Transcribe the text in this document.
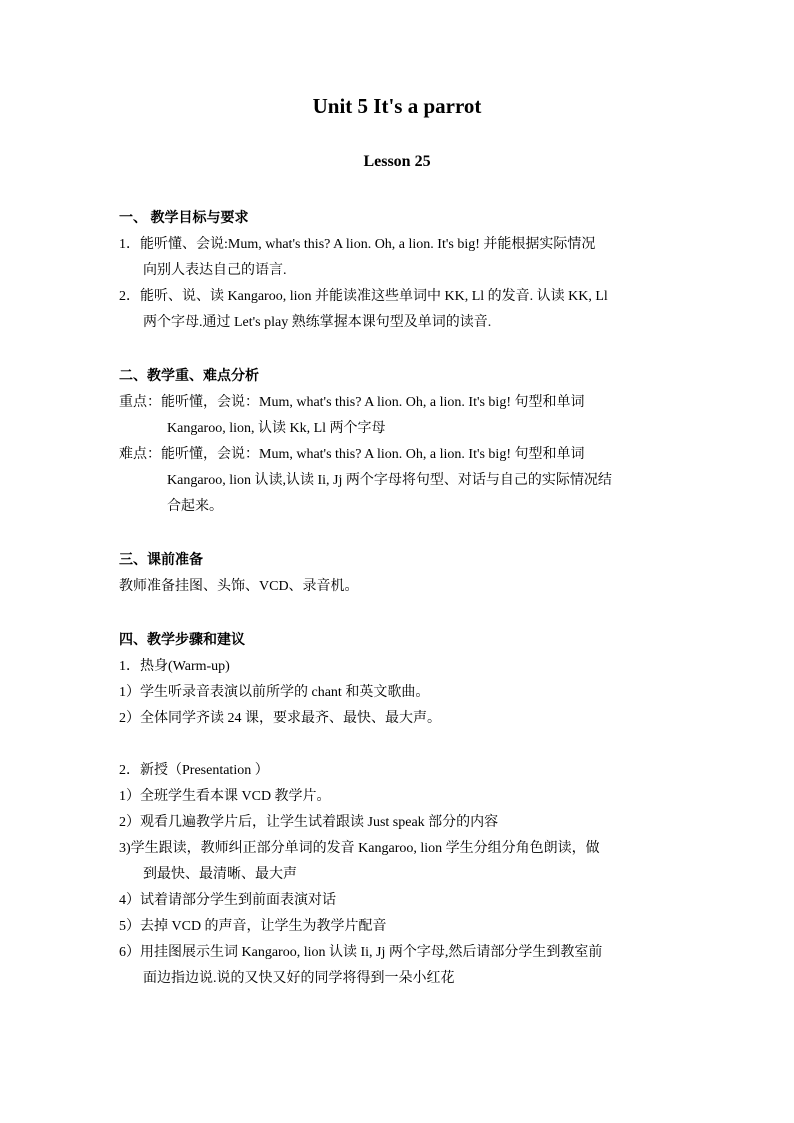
Unit 5 It's a parrot
Lesson 25
一、 教学目标与要求
1．能听懂、会说:Mum, what's this? A lion. Oh, a lion. It's big! 并能根据实际情况
向别人表达自己的语言.
2．能听、说、读 Kangaroo, lion 并能读准这些单词中 KK, Ll 的发音. 认读 KK, Ll
两个字母.通过 Let's play 熟练掌握本课句型及单词的读音.
二、教学重、难点分析
重点：能听懂，会说：Mum, what's this? A lion. Oh, a lion. It's big! 句型和单词
Kangaroo, lion, 认读 Kk, Ll 两个字母
难点：能听懂，会说：Mum, what's this? A lion. Oh, a lion. It's big! 句型和单词
Kangaroo, lion 认读,认读 Ii, Jj 两个字母将句型、对话与自己的实际情况结
合起来。
三、课前准备
教师准备挂图、头饰、VCD、录音机。
四、教学步骤和建议
1．热身(Warm-up)
1）学生听录音表演以前所学的 chant 和英文歌曲。
2）全体同学齐读 24 课，要求最齐、最快、最大声。
2．新授（Presentation ）
1）全班学生看本课 VCD 教学片。
2）观看几遍教学片后，让学生试着跟读 Just speak 部分的内容
3)学生跟读，教师纠正部分单词的发音 Kangaroo, lion 学生分组分角色朗读，做
到最快、最清晰、最大声
4）试着请部分学生到前面表演对话
5）去掉 VCD 的声音，让学生为教学片配音
6）用挂图展示生词 Kangaroo, lion 认读 Ii, Jj 两个字母,然后请部分学生到教室前
面边指边说.说的又快又好的同学将得到一朵小红花
